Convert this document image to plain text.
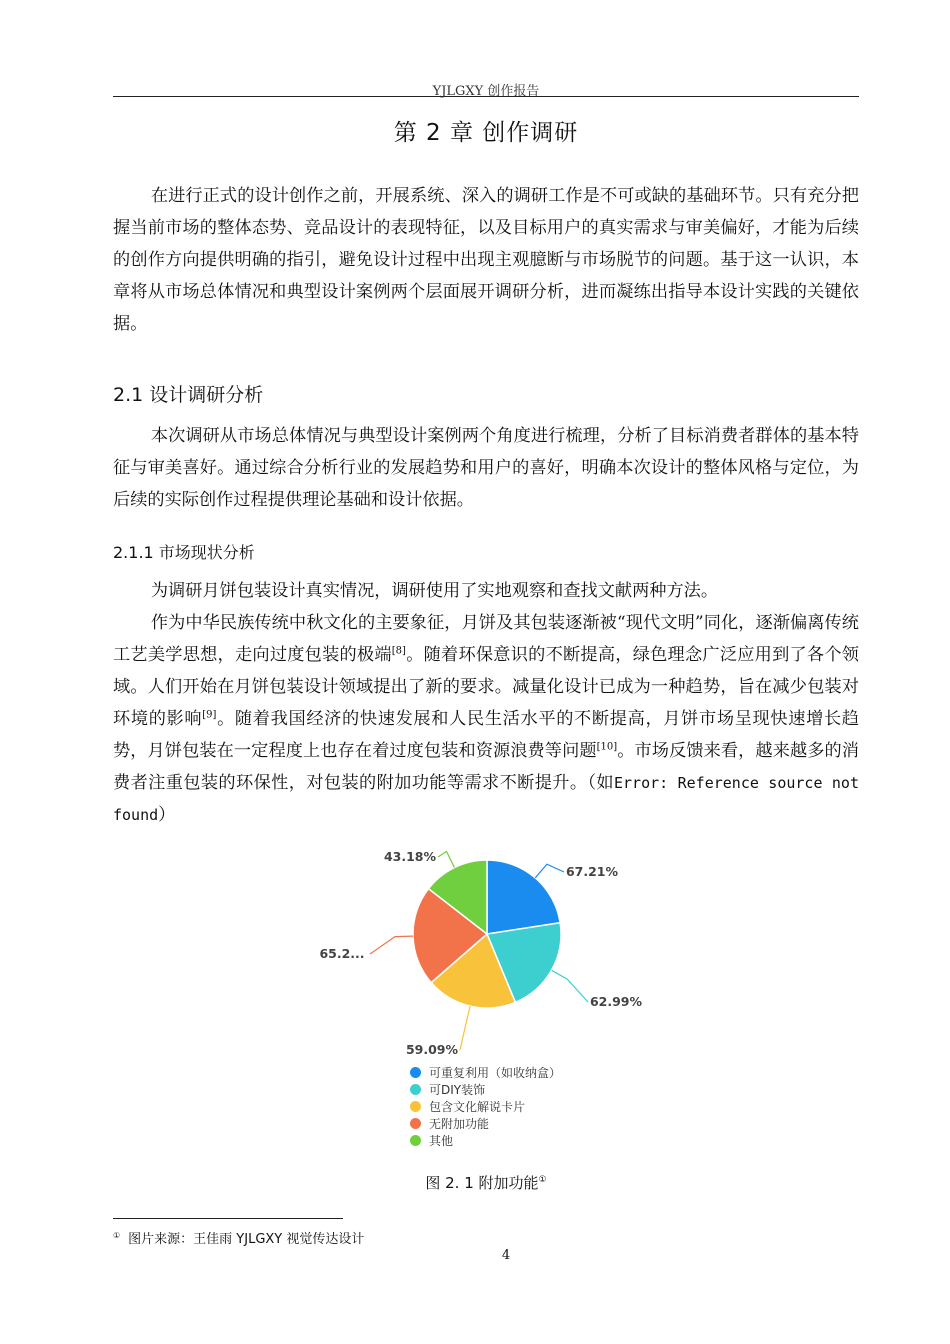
YJLGXY 创作报告
第 2 章 创作调研
在进行正式的设计创作之前，开展系统、深入的调研工作是不可或缺的基础环节。只有充分把握当前市场的整体态势、竞品设计的表现特征，以及目标用户的真实需求与审美偏好，才能为后续的创作方向提供明确的指引，避免设计过程中出现主观臆断与市场脱节的问题。基于这一认识，本章将从市场总体情况和典型设计案例两个层面展开调研分析，进而凝练出指导本设计实践的关键依据。
2.1 设计调研分析
本次调研从市场总体情况与典型设计案例两个角度进行梳理，分析了目标消费者群体的基本特征与审美喜好。通过综合分析行业的发展趋势和用户的喜好，明确本次设计的整体风格与定位，为后续的实际创作过程提供理论基础和设计依据。
2.1.1 市场现状分析
为调研月饼包装设计真实情况，调研使用了实地观察和查找文献两种方法。
作为中华民族传统中秋文化的主要象征，月饼及其包装逐渐被“现代文明”同化，逐渐偏离传统工艺美学思想，走向过度包装的极端[8]。随着环保意识的不断提高，绿色理念广泛应用到了各个领域。人们开始在月饼包装设计领域提出了新的要求。减量化设计已成为一种趋势，旨在减少包装对环境的影响[9]。随着我国经济的快速发展和人民生活水平的不断提高，月饼市场呈现快速增长趋势，月饼包装在一定程度上也存在着过度包装和资源浪费等问题[10]。市场反馈来看，越来越多的消费者注重包装的环保性，对包装的附加功能等需求不断提升。（如Error: Reference source not found）
67.21%
62.99%
59.09%
65.2...
43.18%
可重复利用（如收纳盒）
可DIY装饰
包含文化解说卡片
无附加功能
其他
图 2. 1 附加功能①
① 图片来源：王佳雨 YJLGXY 视觉传达设计
4
